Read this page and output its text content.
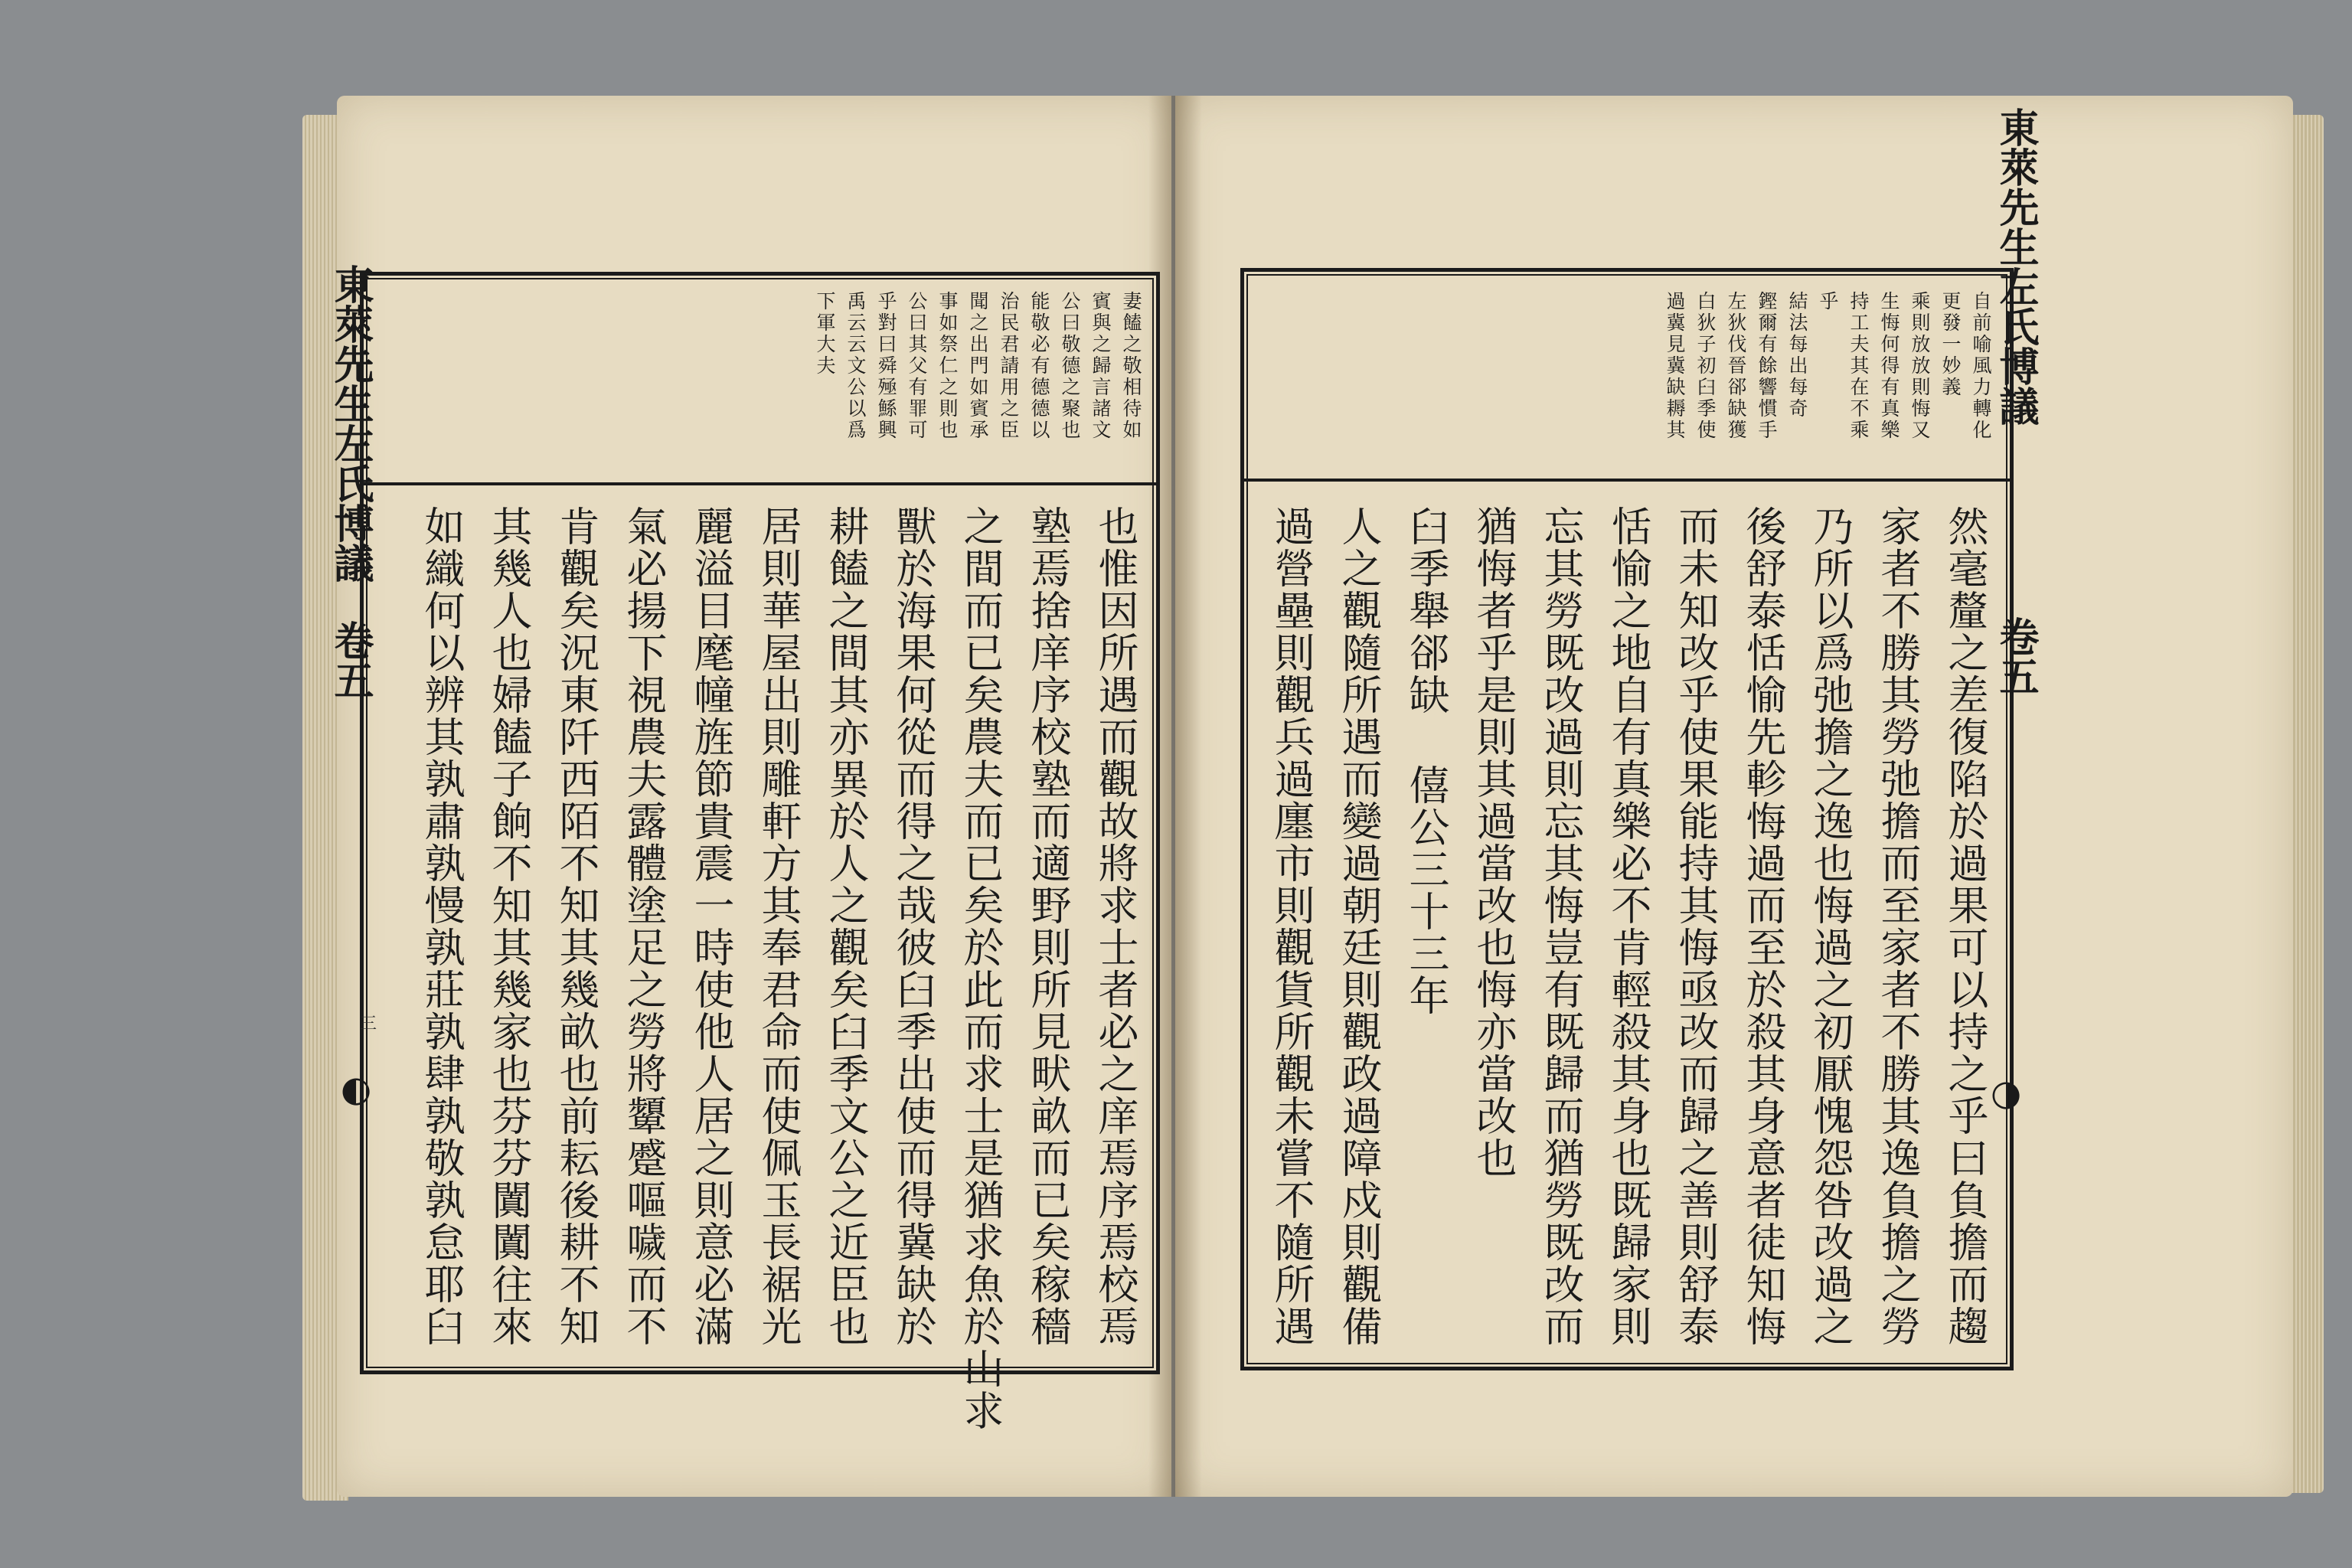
東萊先生左氏博議
卷五
三
◐
東萊先生左氏博議
卷五
◑
妻饁之敬相待如
賓與之歸言諸文
公曰敬德之聚也
能敬必有德德以
治民君請用之臣
聞之出門如賓承
事如祭仁之則也
公曰其父有罪可
乎對曰舜殛鯀興
禹云云文公以爲
下軍大夫
也惟因所遇而觀故將求士者必之庠焉序焉校焉
塾焉捨庠序校塾而適野則所見畎畝而已矣稼穡
之間而已矣農夫而已矣於此而求士是猶求魚於山求
獸於海果何從而得之哉彼臼季出使而得冀缺於
耕饁之間其亦異於人之觀矣臼季文公之近臣也
居則華屋出則雕軒方其奉君命而使佩玉長裾光
麗溢目麾幢旌節貴震一時使他人居之則意必滿
氣必揚下視農夫露體塗足之勞將顰蹙嘔噦而不
肯觀矣況東阡西陌不知其幾畝也前耘後耕不知
其幾人也婦饁子餉不知其幾家也芬芬闐闐往來
如織何以辨其孰肅孰慢孰莊孰肆孰敬孰怠耶臼
自前喻風力轉化
更發一妙義
乘則放放則悔又
生悔何得有真樂
持工夫其在不乘
乎
結法每出每奇
鏗爾有餘響慣手
左狄伐晉郤缺獲
白狄子初臼季使
過冀見冀缺耨其
然毫釐之差復陷於過果可以持之乎曰負擔而趨
家者不勝其勞弛擔而至家者不勝其逸負擔之勞
乃所以爲弛擔之逸也悔過之初厭愧怨咎改過之
後舒泰恬愉先軫悔過而至於殺其身意者徒知悔
而未知改乎使果能持其悔亟改而歸之善則舒泰
恬愉之地自有真樂必不肯輕殺其身也既歸家則
忘其勞既改過則忘其悔豈有既歸而猶勞既改而
猶悔者乎是則其過當改也悔亦當改也
臼季舉郤缺 僖公三十三年
人之觀隨所遇而變過朝廷則觀政過障戍則觀備
過營壘則觀兵過廛市則觀貨所觀未嘗不隨所遇
